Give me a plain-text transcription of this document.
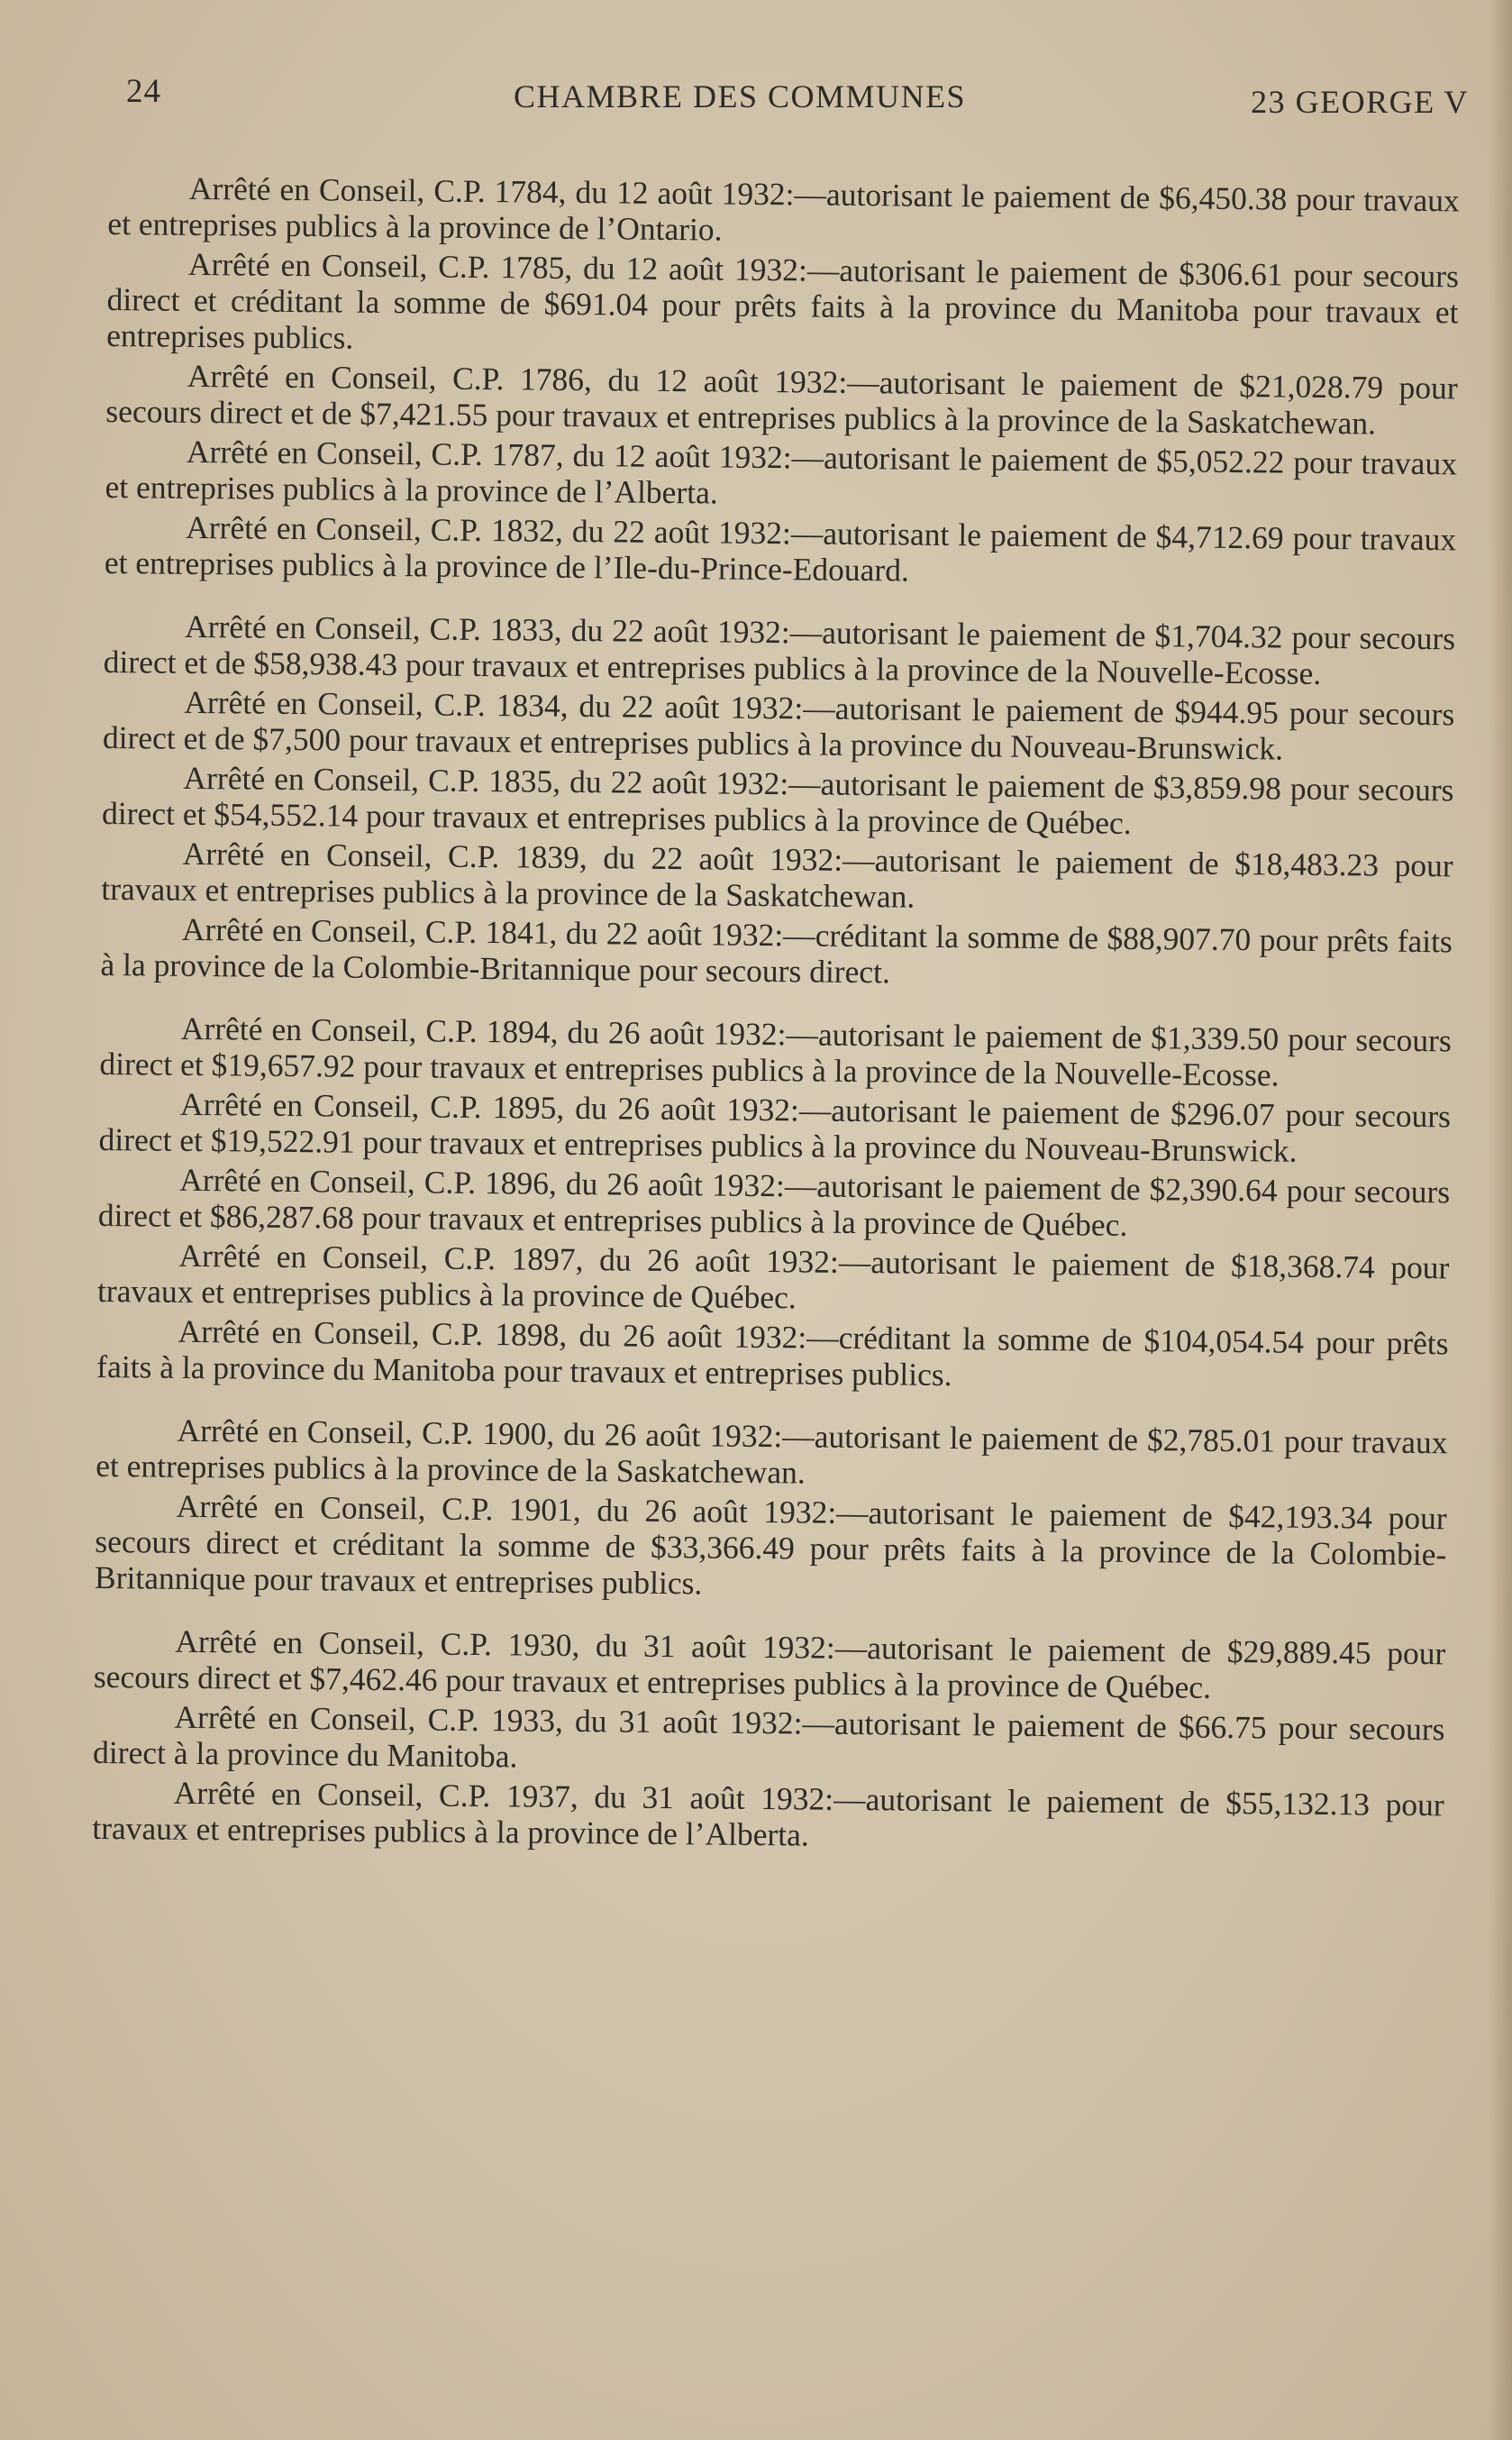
24	CHAMBRE DES COMMUNES	23 GEORGE V

Arrêté en Conseil, C.P. 1784, du 12 août 1932:—autorisant le paiement de $6,450.38 pour travaux et entreprises publics à la province de l’Ontario.

Arrêté en Conseil, C.P. 1785, du 12 août 1932:—autorisant le paiement de $306.61 pour secours direct et créditant la somme de $691.04 pour prêts faits à la province du Manitoba pour travaux et entreprises publics.

Arrêté en Conseil, C.P. 1786, du 12 août 1932:—autorisant le paiement de $21,028.79 pour secours direct et de $7,421.55 pour travaux et entreprises publics à la province de la Saskatchewan.

Arrêté en Conseil, C.P. 1787, du 12 août 1932:—autorisant le paiement de $5,052.22 pour travaux et entreprises publics à la province de l’Alberta.

Arrêté en Conseil, C.P. 1832, du 22 août 1932:—autorisant le paiement de $4,712.69 pour travaux et entreprises publics à la province de l’Ile-du-Prince-Edouard.

Arrêté en Conseil, C.P. 1833, du 22 août 1932:—autorisant le paiement de $1,704.32 pour secours direct et de $58,938.43 pour travaux et entreprises publics à la province de la Nouvelle-Ecosse.

Arrêté en Conseil, C.P. 1834, du 22 août 1932:—autorisant le paiement de $944.95 pour secours direct et de $7,500 pour travaux et entreprises publics à la province du Nouveau-Brunswick.

Arrêté en Conseil, C.P. 1835, du 22 août 1932:—autorisant le paiement de $3,859.98 pour secours direct et $54,552.14 pour travaux et entreprises publics à la province de Québec.

Arrêté en Conseil, C.P. 1839, du 22 août 1932:—autorisant le paiement de $18,483.23 pour travaux et entreprises publics à la province de la Saskatchewan.

Arrêté en Conseil, C.P. 1841, du 22 août 1932:—créditant la somme de $88,907.70 pour prêts faits à la province de la Colombie-Britannique pour secours direct.

Arrêté en Conseil, C.P. 1894, du 26 août 1932:—autorisant le paiement de $1,339.50 pour secours direct et $19,657.92 pour travaux et entreprises publics à la province de la Nouvelle-Ecosse.

Arrêté en Conseil, C.P. 1895, du 26 août 1932:—autorisant le paiement de $296.07 pour secours direct et $19,522.91 pour travaux et entreprises publics à la province du Nouveau-Brunswick.

Arrêté en Conseil, C.P. 1896, du 26 août 1932:—autorisant le paiement de $2,390.64 pour secours direct et $86,287.68 pour travaux et entreprises publics à la province de Québec.

Arrêté en Conseil, C.P. 1897, du 26 août 1932:—autorisant le paiement de $18,368.74 pour travaux et entreprises publics à la province de Québec.

Arrêté en Conseil, C.P. 1898, du 26 août 1932:—créditant la somme de $104,054.54 pour prêts faits à la province du Manitoba pour travaux et entreprises publics.

Arrêté en Conseil, C.P. 1900, du 26 août 1932:—autorisant le paiement de $2,785.01 pour travaux et entreprises publics à la province de la Saskatchewan.

Arrêté en Conseil, C.P. 1901, du 26 août 1932:—autorisant le paiement de $42,193.34 pour secours direct et créditant la somme de $33,366.49 pour prêts faits à la province de la Colombie-Britannique pour travaux et entreprises publics.

Arrêté en Conseil, C.P. 1930, du 31 août 1932:—autorisant le paiement de $29,889.45 pour secours direct et $7,462.46 pour travaux et entreprises publics à la province de Québec.

Arrêté en Conseil, C.P. 1933, du 31 août 1932:—autorisant le paiement de $66.75 pour secours direct à la province du Manitoba.

Arrêté en Conseil, C.P. 1937, du 31 août 1932:—autorisant le paiement de $55,132.13 pour travaux et entreprises publics à la province de l’Alberta.
